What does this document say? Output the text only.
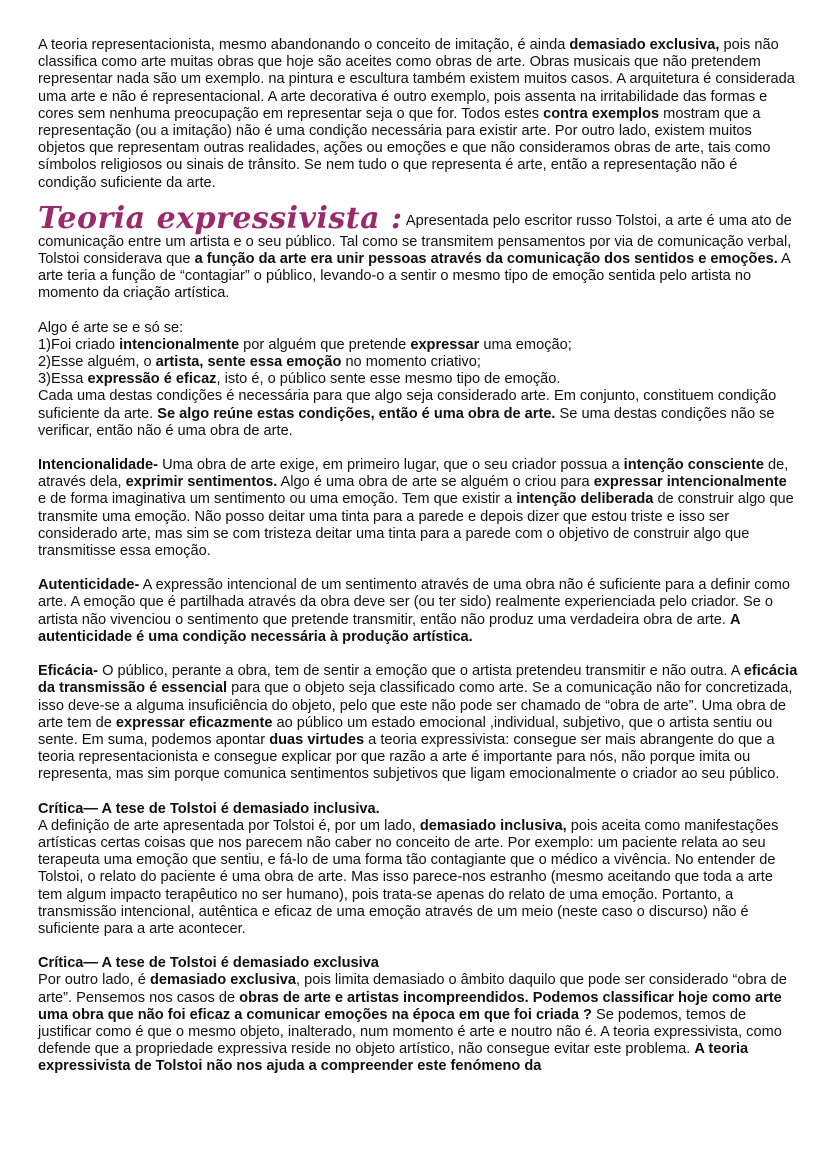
A teoria representacionista, mesmo abandonando o conceito de imitação, é ainda demasiado exclusiva, pois não classifica como arte muitas obras que hoje são aceites como obras de arte. Obras musicais que não pretendem representar nada são um exemplo. na pintura e escultura também existem muitos casos. A arquitetura é considerada uma arte e não é representacional. A arte decorativa é outro exemplo, pois assenta na irritabilidade das formas e cores sem nenhuma preocupação em representar seja o que for. Todos estes contra exemplos mostram que a representação (ou a imitação) não é uma condição necessária para existir arte. Por outro lado, existem muitos objetos que representam outras realidades, ações ou emoções e que não consideramos obras de arte, tais como símbolos religiosos ou sinais de trânsito. Se nem tudo o que representa é arte, então a representação não é condição suficiente da arte.

Teoria expressivista : Apresentada pelo escritor russo Tolstoi, a arte é uma ato de comunicação entre um artista e o seu público. Tal como se transmitem pensamentos por via de comunicação verbal, Tolstoi considerava que a função da arte era unir pessoas através da comunicação dos sentidos e emoções. A arte teria a função de “contagiar” o público, levando-o a sentir o mesmo tipo de emoção sentida pelo artista no momento da criação artística.

Algo é arte se e só se:

1)Foi criado intencionalmente por alguém que pretende expressar uma emoção;

2)Esse alguém, o artista, sente essa emoção no momento criativo;

3)Essa expressão é eficaz, isto é, o público sente esse mesmo tipo de emoção.

Cada uma destas condições é necessária para que algo seja considerado arte. Em conjunto, constituem condição suficiente da arte. Se algo reúne estas condições, então é uma obra de arte. Se uma destas condições não se verificar, então não é uma obra de arte.

Intencionalidade- Uma obra de arte exige, em primeiro lugar, que o seu criador possua a intenção consciente de, através dela, exprimir sentimentos. Algo é uma obra de arte se alguém o criou para expressar intencionalmente e de forma imaginativa um sentimento ou uma emoção. Tem que existir a intenção deliberada de construir algo que transmite uma emoção. Não posso deitar uma tinta para a parede e depois dizer que estou triste e isso ser considerado arte, mas sim se com tristeza deitar uma tinta para a parede com o objetivo de construir algo que transmitisse essa emoção.

Autenticidade- A expressão intencional de um sentimento através de uma obra não é suficiente para a definir como arte. A emoção que é partilhada através da obra deve ser (ou ter sido) realmente experienciada pelo criador. Se o artista não vivenciou o sentimento que pretende transmitir, então não produz uma verdadeira obra de arte. A autenticidade é uma condição necessária à produção artística.

Eficácia- O público, perante a obra, tem de sentir a emoção que o artista pretendeu transmitir e não outra. A eficácia da transmissão é essencial para que o objeto seja classificado como arte. Se a comunicação não for concretizada, isso deve-se a alguma insuficiência do objeto, pelo que este não pode ser chamado de “obra de arte”. Uma obra de arte tem de expressar eficazmente ao público um estado emocional ,individual, subjetivo, que o artista sentiu ou sente. Em suma, podemos apontar duas virtudes a teoria expressivista: consegue ser mais abrangente do que a teoria representacionista e consegue explicar por que razão a arte é importante para nós, não porque imita ou representa, mas sim porque comunica sentimentos subjetivos que ligam emocionalmente o criador ao seu público.

Crítica— A tese de Tolstoi é demasiado inclusiva.

A definição de arte apresentada por Tolstoi é, por um lado, demasiado inclusiva, pois aceita como manifestações artísticas certas coisas que nos parecem não caber no conceito de arte. Por exemplo: um paciente relata ao seu terapeuta uma emoção que sentiu, e fá-lo de uma forma tão contagiante que o médico a vivência. No entender de Tolstoi, o relato do paciente é uma obra de arte. Mas isso parece-nos estranho (mesmo aceitando que toda a arte tem algum impacto terapêutico no ser humano), pois trata-se apenas do relato de uma emoção. Portanto, a transmissão intencional, autêntica e eficaz de uma emoção através de um meio (neste caso o discurso) não é suficiente para a arte acontecer.

Crítica— A tese de Tolstoi é demasiado exclusiva

Por outro lado, é demasiado exclusiva, pois limita demasiado o âmbito daquilo que pode ser considerado “obra de arte”. Pensemos nos casos de obras de arte e artistas incompreendidos. Podemos classificar hoje como arte uma obra que não foi eficaz a comunicar emoções na época em que foi criada ? Se podemos, temos de justificar como é que o mesmo objeto, inalterado, num momento é arte e noutro não é. A teoria expressivista, como defende que a propriedade expressiva reside no objeto artístico, não consegue evitar este problema. A teoria expressivista de Tolstoi não nos ajuda a compreender este fenómeno da
